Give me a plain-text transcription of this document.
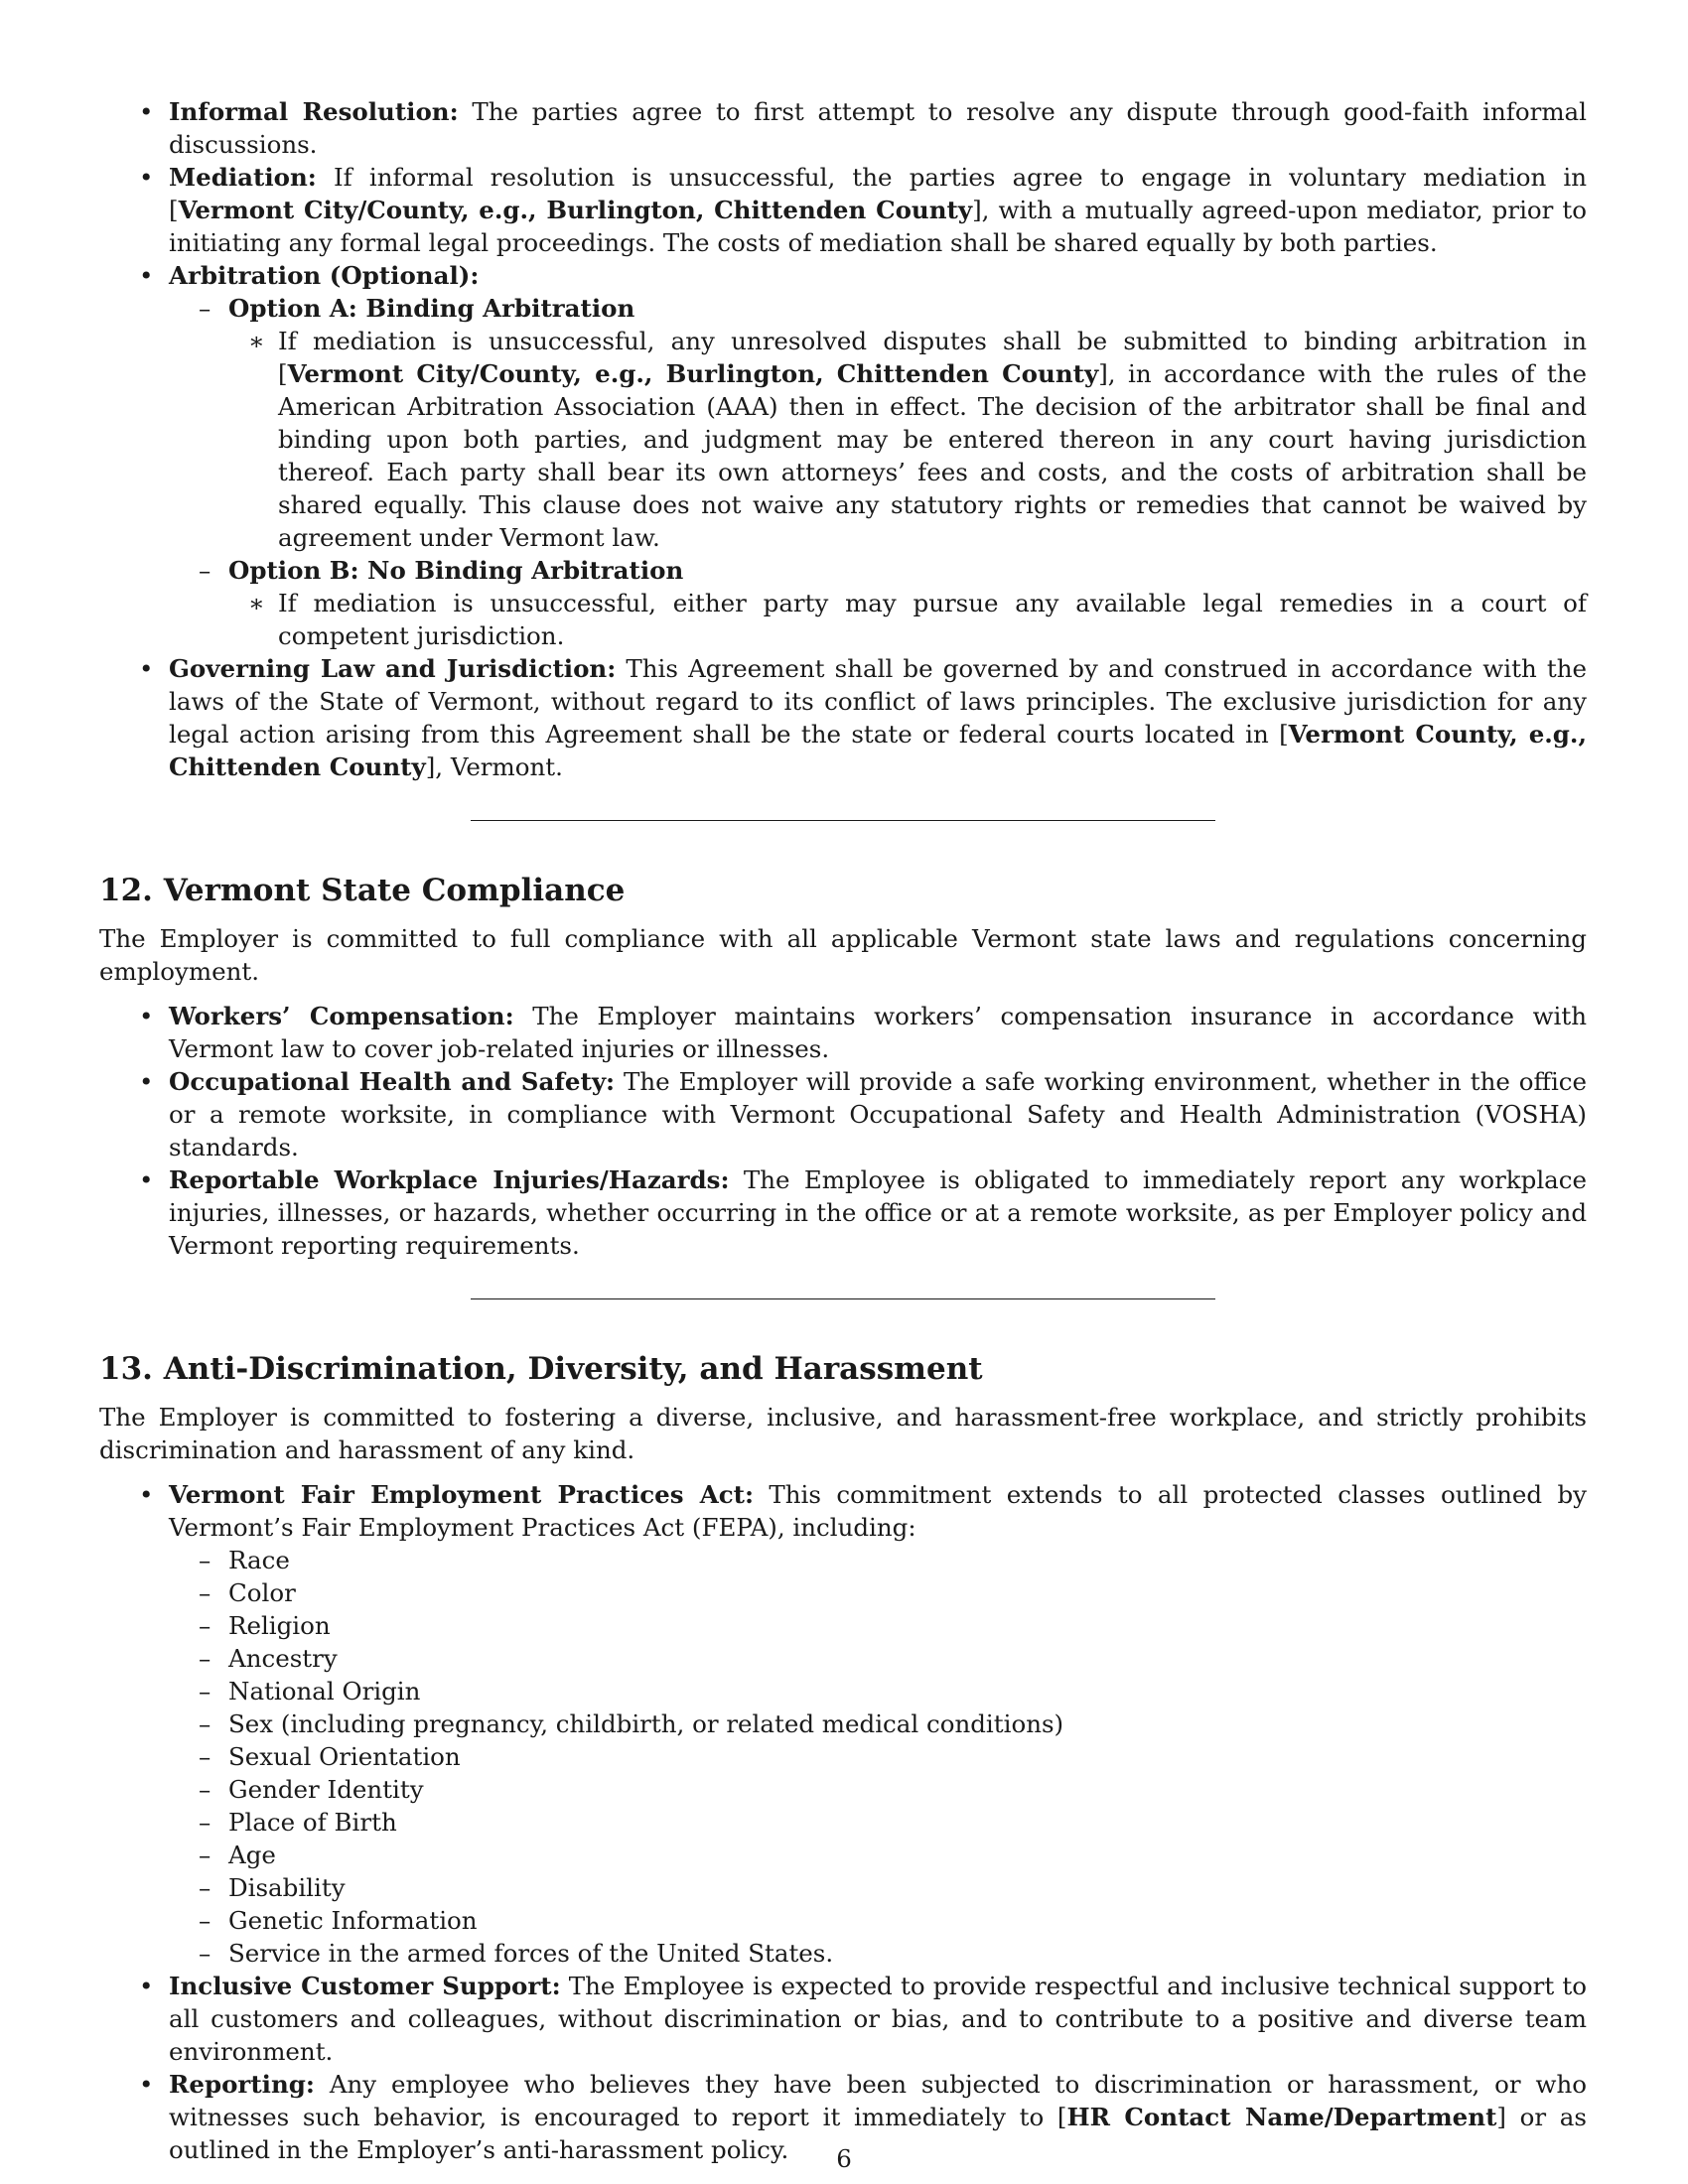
• Informal Resolution: The parties agree to first attempt to resolve any dispute through good-faith informal discussions.
• Mediation: If informal resolution is unsuccessful, the parties agree to engage in voluntary mediation in [Vermont City/County, e.g., Burlington, Chittenden County], with a mutually agreed-upon mediator, prior to initiating any formal legal proceedings. The costs of mediation shall be shared equally by both parties.
• Arbitration (Optional):
– Option A: Binding Arbitration
∗ If mediation is unsuccessful, any unresolved disputes shall be submitted to binding arbitration in [Vermont City/County, e.g., Burlington, Chittenden County], in accordance with the rules of the American Arbitration Association (AAA) then in effect. The decision of the arbitrator shall be final and binding upon both parties, and judgment may be entered thereon in any court having jurisdiction thereof. Each party shall bear its own attorneys’ fees and costs, and the costs of arbitration shall be shared equally. This clause does not waive any statutory rights or remedies that cannot be waived by agreement under Vermont law.
– Option B: No Binding Arbitration
∗ If mediation is unsuccessful, either party may pursue any available legal remedies in a court of competent jurisdiction.
• Governing Law and Jurisdiction: This Agreement shall be governed by and construed in accordance with the laws of the State of Vermont, without regard to its conflict of laws principles. The exclusive jurisdiction for any legal action arising from this Agreement shall be the state or federal courts located in [Vermont County, e.g., Chittenden County], Vermont.
12. Vermont State Compliance

The Employer is committed to full compliance with all applicable Vermont state laws and regulations concerning employment.

• Workers’ Compensation: The Employer maintains workers’ compensation insurance in accordance with Vermont law to cover job-related injuries or illnesses.
• Occupational Health and Safety: The Employer will provide a safe working environment, whether in the office or a remote worksite, in compliance with Vermont Occupational Safety and Health Administration (VOSHA) standards.
• Reportable Workplace Injuries/Hazards: The Employee is obligated to immediately report any workplace injuries, illnesses, or hazards, whether occurring in the office or at a remote worksite, as per Employer policy and Vermont reporting requirements.
13. Anti-Discrimination, Diversity, and Harassment

The Employer is committed to fostering a diverse, inclusive, and harassment-free workplace, and strictly prohibits discrimination and harassment of any kind.

• Vermont Fair Employment Practices Act: This commitment extends to all protected classes outlined by Vermont’s Fair Employment Practices Act (FEPA), including:
– Race
– Color
– Religion
– Ancestry
– National Origin
– Sex (including pregnancy, childbirth, or related medical conditions)
– Sexual Orientation
– Gender Identity
– Place of Birth
– Age
– Disability
– Genetic Information
– Service in the armed forces of the United States.
• Inclusive Customer Support: The Employee is expected to provide respectful and inclusive technical support to all customers and colleagues, without discrimination or bias, and to contribute to a positive and diverse team environment.
• Reporting: Any employee who believes they have been subjected to discrimination or harassment, or who witnesses such behavior, is encouraged to report it immediately to [HR Contact Name/Department] or as outlined in the Employer’s anti-harassment policy.	6
